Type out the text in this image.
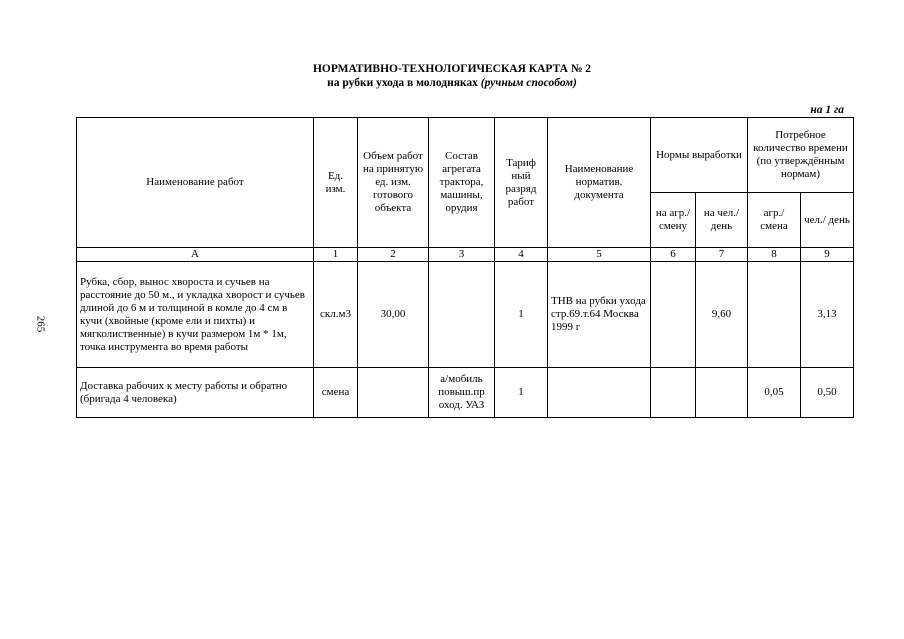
НОРМАТИВНО-ТЕХНОЛОГИЧЕСКАЯ КАРТА № 2
на рубки ухода в молодняках (ручным способом)
на 1 га
265
Наименование работ	Ед. изм.	Объем работ на принятую ед. изм. готового объекта	Состав агрегата трактора, машины, орудия	Тариф ный разряд работ	Наименование норматив. документа	Нормы выработки		Потребное количество времени (по утверждённым нормам)	
						на агр./ смену	на чел./ день	агр./ смена	чел./ день
А	1	2	3	4	5	6	7	8	9
Рубка, сбор, вынос хвороста и сучьев на расстояние до 50 м., и укладка хворост и сучьев длиной до 6 м и толщиной в комле до 4 см в кучи (хвойные (кроме ели и пихты) и мягколиственные) в кучи размером 1м * 1м, точка инструмента во время работы	скл.м3	30,00		1	ТНВ на рубки ухода стр.69.т.64 Москва 1999 г		9,60		3,13
Доставка рабочих к месту работы и обратно (бригада 4 человека)	смена		а/мобиль повыш.пр оход. УАЗ	1				0,05	0,50
